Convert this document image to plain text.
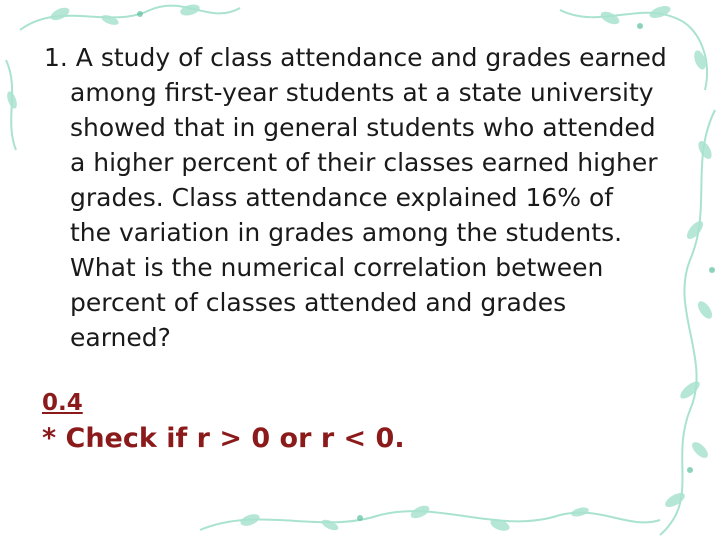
1. A study of class attendance and grades earned
among first-year students at a state university
showed that in general students who attended
a higher percent of their classes earned higher
grades. Class attendance explained 16% of
the variation in grades among the students.
What is the numerical correlation between
percent of classes attended and grades
earned?
0.4
* Check if r > 0 or r < 0.
